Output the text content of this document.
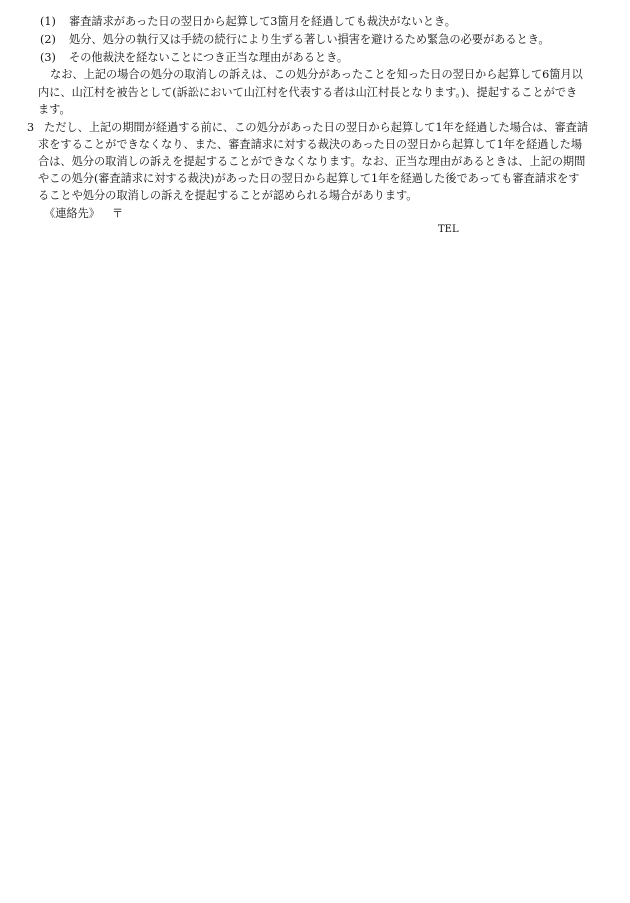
(1) 審査請求があった日の翌日から起算して3箇月を経過しても裁決がないとき。
(2) 処分、処分の執行又は手続の続行により生ずる著しい損害を避けるため緊急の必要があるとき。
(3) その他裁決を経ないことにつき正当な理由があるとき。
なお、上記の場合の処分の取消しの訴えは、この処分があったことを知った日の翌日から起算して6箇月以
内に、山江村を被告として(訴訟において山江村を代表する者は山江村長となります。)、提起することができ
ます。
3 ただし、上記の期間が経過する前に、この処分があった日の翌日から起算して1年を経過した場合は、審査請
求をすることができなくなり、また、審査請求に対する裁決のあった日の翌日から起算して1年を経過した場
合は、処分の取消しの訴えを提起することができなくなります。なお、正当な理由があるときは、上記の期間
やこの処分(審査請求に対する裁決)があった日の翌日から起算して1年を経過した後であっても審査請求をす
ることや処分の取消しの訴えを提起することが認められる場合があります。
《連絡先》 〒
TEL
